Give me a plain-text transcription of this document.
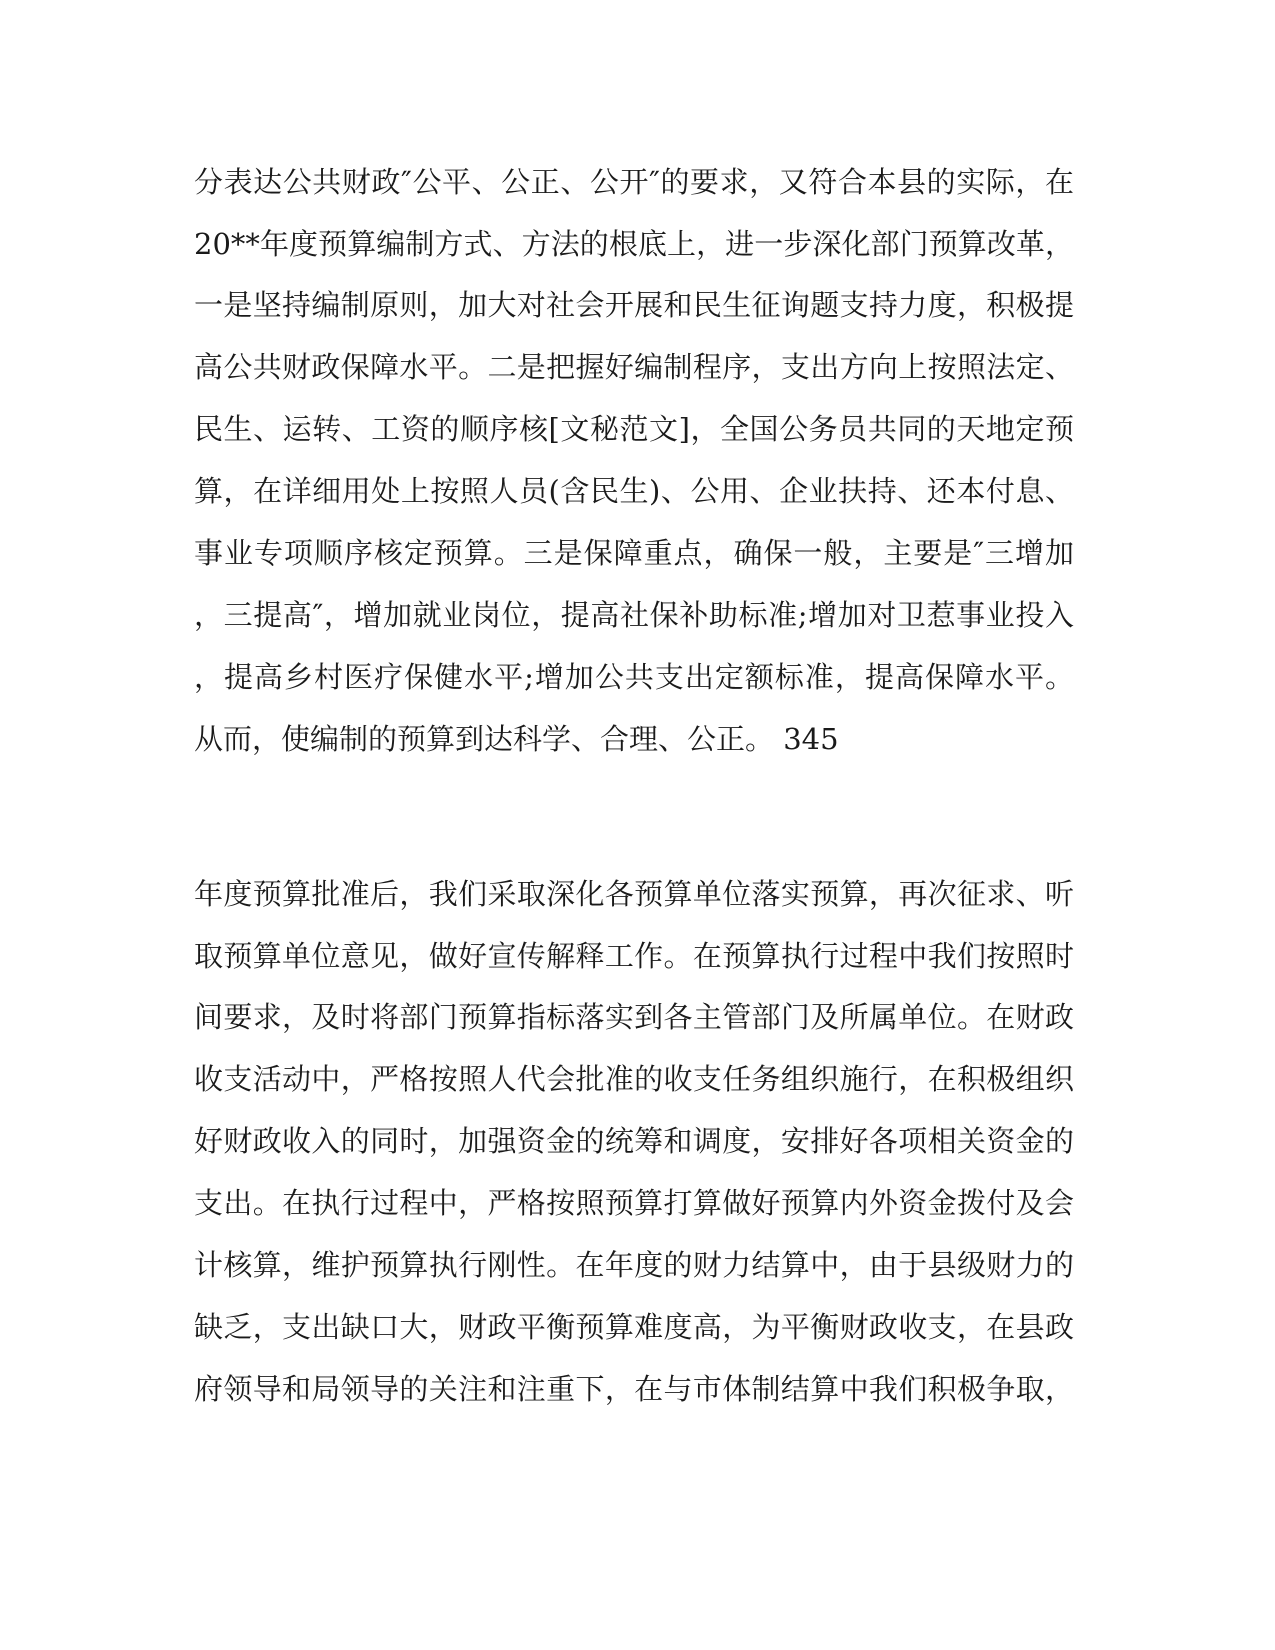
分表达公共财政″公平、公正、公开″的要求，又符合本县的实际，在
20**年度预算编制方式、方法的根底上，进一步深化部门预算改革，
一是坚持编制原则，加大对社会开展和民生征询题支持力度，积极提
高公共财政保障水平。二是把握好编制程序，支出方向上按照法定、
民生、运转、工资的顺序核[文秘范文]，全国公务员共同的天地定预
算，在详细用处上按照人员(含民生)、公用、企业扶持、还本付息、
事业专项顺序核定预算。三是保障重点，确保一般，主要是″三增加
，三提高″，增加就业岗位，提高社保补助标准;增加对卫惹事业投入
，提高乡村医疗保健水平;增加公共支出定额标准，提高保障水平。
从而，使编制的预算到达科学、合理、公正。 345
年度预算批准后，我们采取深化各预算单位落实预算，再次征求、听
取预算单位意见，做好宣传解释工作。在预算执行过程中我们按照时
间要求，及时将部门预算指标落实到各主管部门及所属单位。在财政
收支活动中，严格按照人代会批准的收支任务组织施行，在积极组织
好财政收入的同时，加强资金的统筹和调度，安排好各项相关资金的
支出。在执行过程中，严格按照预算打算做好预算内外资金拨付及会
计核算，维护预算执行刚性。在年度的财力结算中，由于县级财力的
缺乏，支出缺口大，财政平衡预算难度高，为平衡财政收支，在县政
府领导和局领导的关注和注重下，在与市体制结算中我们积极争取，
